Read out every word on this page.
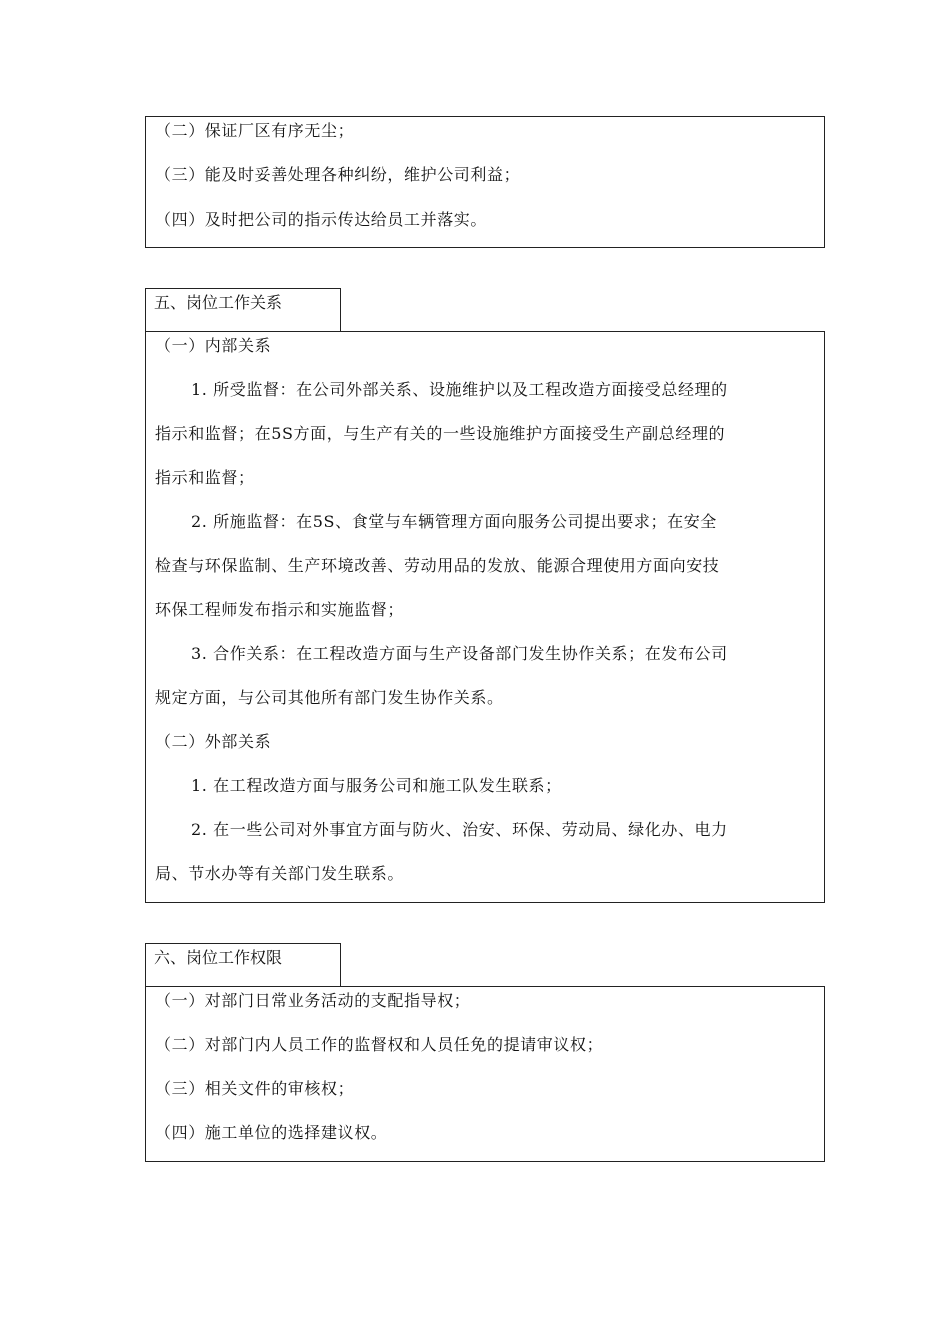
（二）保证厂区有序无尘；
（三）能及时妥善处理各种纠纷，维护公司利益；
（四）及时把公司的指示传达给员工并落实。
五、岗位工作关系
（一）内部关系
1. 所受监督：在公司外部关系、设施维护以及工程改造方面接受总经理的
指示和监督；在5S方面，与生产有关的一些设施维护方面接受生产副总经理的
指示和监督；
2. 所施监督：在5S、食堂与车辆管理方面向服务公司提出要求；在安全
检查与环保监制、生产环境改善、劳动用品的发放、能源合理使用方面向安技
环保工程师发布指示和实施监督；
3. 合作关系：在工程改造方面与生产设备部门发生协作关系；在发布公司
规定方面，与公司其他所有部门发生协作关系。
（二）外部关系
1. 在工程改造方面与服务公司和施工队发生联系；
2. 在一些公司对外事宜方面与防火、治安、环保、劳动局、绿化办、电力
局、节水办等有关部门发生联系。
六、岗位工作权限
（一）对部门日常业务活动的支配指导权；
（二）对部门内人员工作的监督权和人员任免的提请审议权；
（三）相关文件的审核权；
（四）施工单位的选择建议权。
